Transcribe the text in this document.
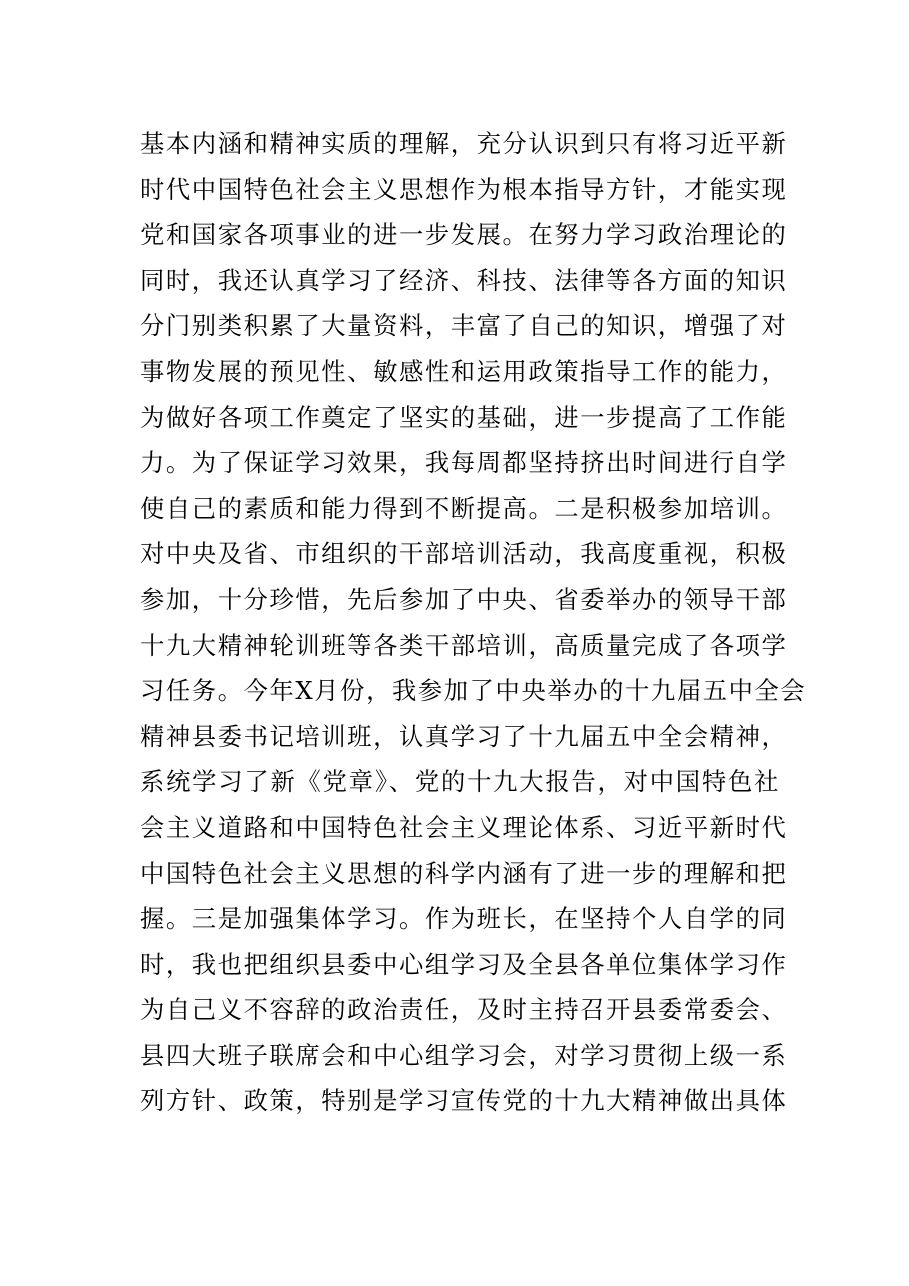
基本内涵和精神实质的理解，充分认识到只有将习近平新
时代中国特色社会主义思想作为根本指导方针，才能实现
党和国家各项事业的进一步发展。在努力学习政治理论的
同时，我还认真学习了经济、科技、法律等各方面的知识
分门别类积累了大量资料，丰富了自己的知识，增强了对
事物发展的预见性、敏感性和运用政策指导工作的能力，
为做好各项工作奠定了坚实的基础，进一步提高了工作能
力。为了保证学习效果，我每周都坚持挤出时间进行自学
使自己的素质和能力得到不断提高。二是积极参加培训。
对中央及省、市组织的干部培训活动，我高度重视，积极
参加，十分珍惜，先后参加了中央、省委举办的领导干部
十九大精神轮训班等各类干部培训，高质量完成了各项学
习任务。今年X月份，我参加了中央举办的十九届五中全会
精神县委书记培训班，认真学习了十九届五中全会精神，
系统学习了新《党章》、党的十九大报告，对中国特色社
会主义道路和中国特色社会主义理论体系、习近平新时代
中国特色社会主义思想的科学内涵有了进一步的理解和把
握。三是加强集体学习。作为班长，在坚持个人自学的同
时，我也把组织县委中心组学习及全县各单位集体学习作
为自己义不容辞的政治责任，及时主持召开县委常委会、
县四大班子联席会和中心组学习会，对学习贯彻上级一系
列方针、政策，特别是学习宣传党的十九大精神做出具体
